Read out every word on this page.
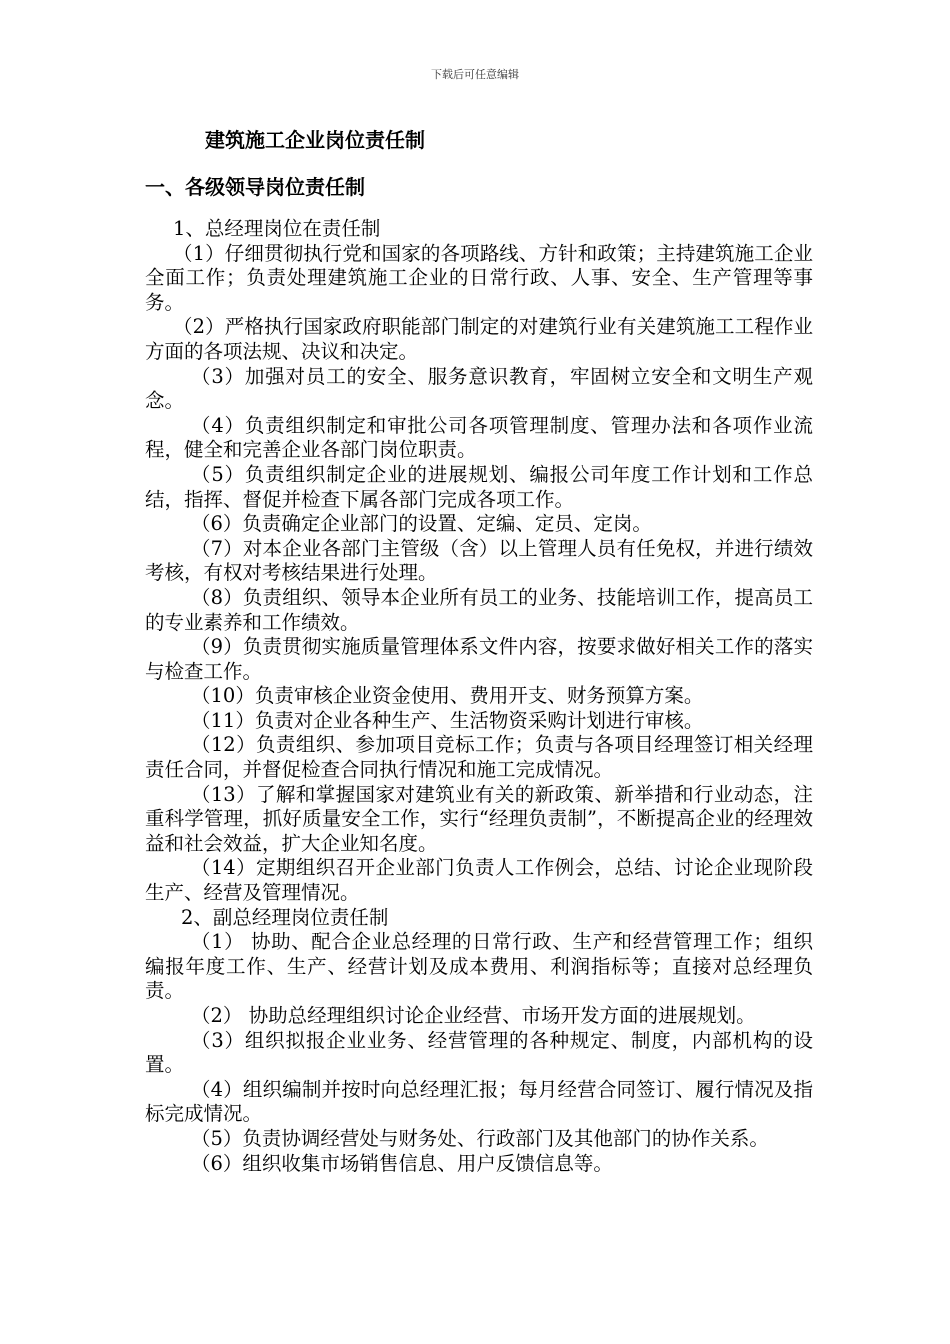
下载后可任意编辑
建筑施工企业岗位责任制
一、各级领导岗位责任制

1、总经理岗位在责任制

（1）仔细贯彻执行党和国家的各项路线、方针和政策；主持建筑施工企业全面工作；负责处理建筑施工企业的日常行政、人事、安全、生产管理等事务。

（2）严格执行国家政府职能部门制定的对建筑行业有关建筑施工工程作业方面的各项法规、决议和决定。

（3）加强对员工的安全、服务意识教育，牢固树立安全和文明生产观念。

（4）负责组织制定和审批公司各项管理制度、管理办法和各项作业流程，健全和完善企业各部门岗位职责。

（5）负责组织制定企业的进展规划、编报公司年度工作计划和工作总结，指挥、督促并检查下属各部门完成各项工作。

（6）负责确定企业部门的设置、定编、定员、定岗。

（7）对本企业各部门主管级（含）以上管理人员有任免权，并进行绩效考核，有权对考核结果进行处理。

（8）负责组织、领导本企业所有员工的业务、技能培训工作，提高员工的专业素养和工作绩效。

（9）负责贯彻实施质量管理体系文件内容，按要求做好相关工作的落实与检查工作。

（10）负责审核企业资金使用、费用开支、财务预算方案。

（11）负责对企业各种生产、生活物资采购计划进行审核。

（12）负责组织、参加项目竞标工作；负责与各项目经理签订相关经理责任合同，并督促检查合同执行情况和施工完成情况。

（13）了解和掌握国家对建筑业有关的新政策、新举措和行业动态，注重科学管理，抓好质量安全工作，实行“经理负责制”，不断提高企业的经理效益和社会效益，扩大企业知名度。

（14）定期组织召开企业部门负责人工作例会，总结、讨论企业现阶段生产、经营及管理情况。

2、副总经理岗位责任制

（1） 协助、配合企业总经理的日常行政、生产和经营管理工作；组织编报年度工作、生产、经营计划及成本费用、利润指标等；直接对总经理负责。

（2） 协助总经理组织讨论企业经营、市场开发方面的进展规划。

（3）组织拟报企业业务、经营管理的各种规定、制度，内部机构的设置。

（4）组织编制并按时向总经理汇报；每月经营合同签订、履行情况及指标完成情况。

（5）负责协调经营处与财务处、行政部门及其他部门的协作关系。

（6）组织收集市场销售信息、用户反馈信息等。
